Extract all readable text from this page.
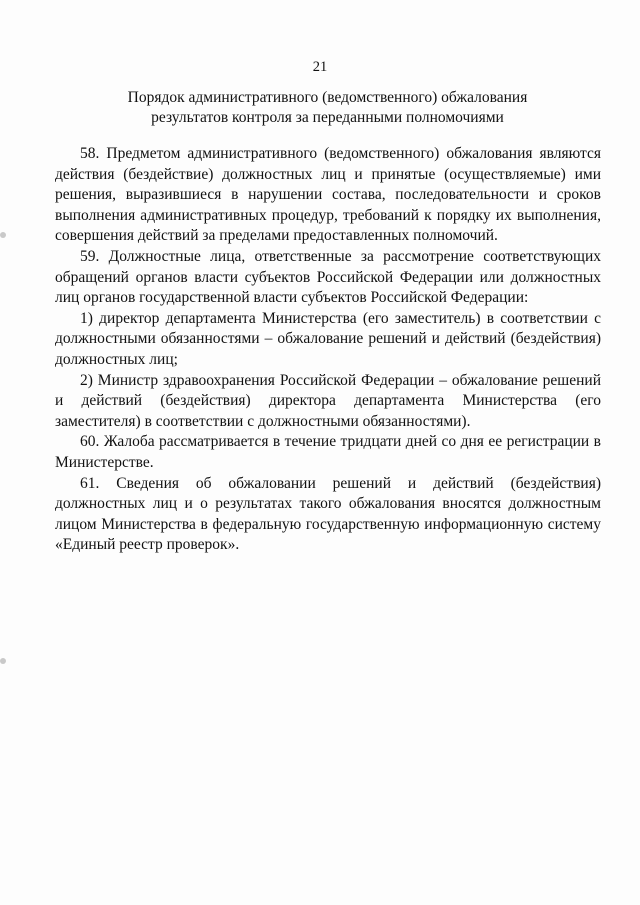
21
Порядок административного (ведомственного) обжалования
результатов контроля за переданными полномочиями

58. Предметом административного (ведомственного) обжалования являются действия (бездействие) должностных лиц и принятые (осуществляемые) ими решения, выразившиеся в нарушении состава, последовательности и сроков выполнения административных процедур, требований к порядку их выполнения, совершения действий за пределами предоставленных полномочий.

59. Должностные лица, ответственные за рассмотрение соответствующих обращений органов власти субъектов Российской Федерации или должностных лиц органов государственной власти субъектов Российской Федерации:

1) директор департамента Министерства (его заместитель) в соответствии с должностными обязанностями – обжалование решений и действий (бездействия) должностных лиц;

2) Министр здравоохранения Российской Федерации – обжалование решений и действий (бездействия) директора департамента Министерства (его заместителя) в соответствии с должностными обязанностями).

60. Жалоба рассматривается в течение тридцати дней со дня ее регистрации в Министерстве.

61. Сведения об обжаловании решений и действий (бездействия) должностных лиц и о результатах такого обжалования вносятся должностным лицом Министерства в федеральную государственную информационную систему «Единый реестр проверок».
